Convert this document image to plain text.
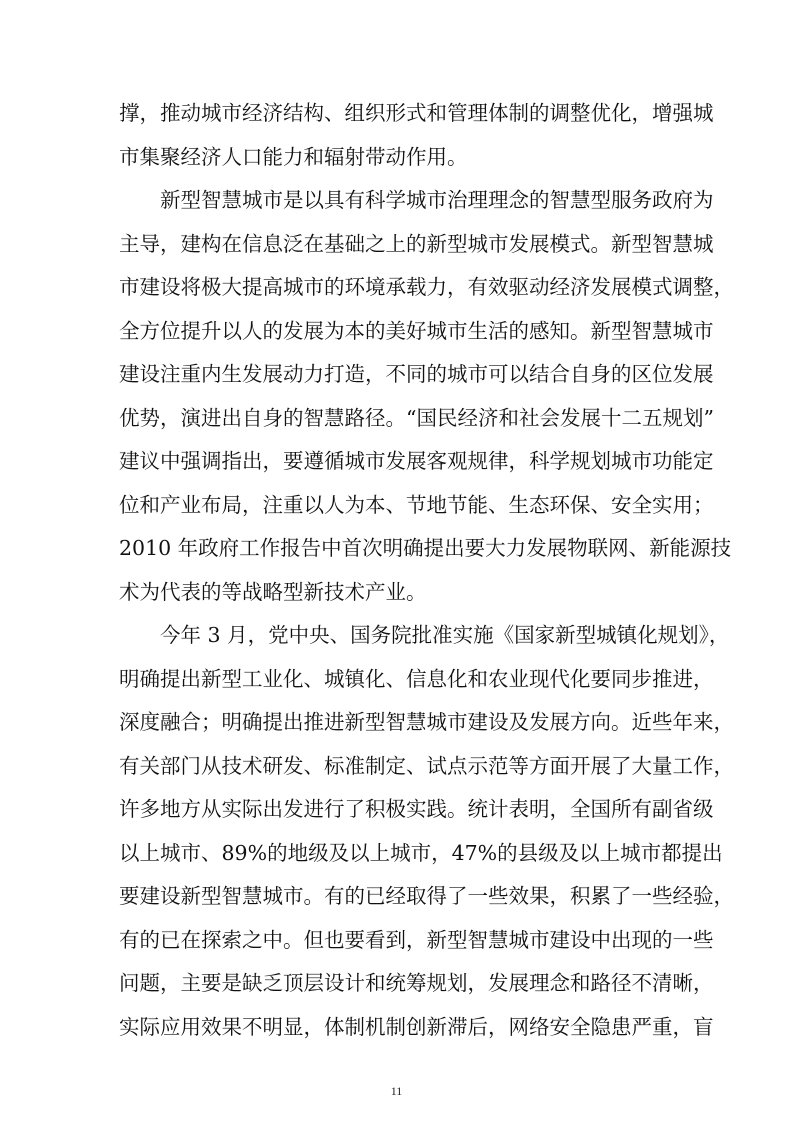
撑，推动城市经济结构、组织形式和管理体制的调整优化，增强城
市集聚经济人口能力和辐射带动作用。
新型智慧城市是以具有科学城市治理理念的智慧型服务政府为
主导，建构在信息泛在基础之上的新型城市发展模式。新型智慧城
市建设将极大提高城市的环境承载力，有效驱动经济发展模式调整，
全方位提升以人的发展为本的美好城市生活的感知。新型智慧城市
建设注重内生发展动力打造，不同的城市可以结合自身的区位发展
优势，演进出自身的智慧路径。“国民经济和社会发展十二五规划”
建议中强调指出，要遵循城市发展客观规律，科学规划城市功能定
位和产业布局，注重以人为本、节地节能、生态环保、安全实用；
2010 年政府工作报告中首次明确提出要大力发展物联网、新能源技
术为代表的等战略型新技术产业。
今年 3 月，党中央、国务院批准实施《国家新型城镇化规划》，
明确提出新型工业化、城镇化、信息化和农业现代化要同步推进，
深度融合；明确提出推进新型智慧城市建设及发展方向。近些年来，
有关部门从技术研发、标准制定、试点示范等方面开展了大量工作，
许多地方从实际出发进行了积极实践。统计表明，全国所有副省级
以上城市、89%的地级及以上城市，47%的县级及以上城市都提出
要建设新型智慧城市。有的已经取得了一些效果，积累了一些经验，
有的已在探索之中。但也要看到，新型智慧城市建设中出现的一些
问题，主要是缺乏顶层设计和统筹规划，发展理念和路径不清晰，
实际应用效果不明显，体制机制创新滞后，网络安全隐患严重，盲
11
